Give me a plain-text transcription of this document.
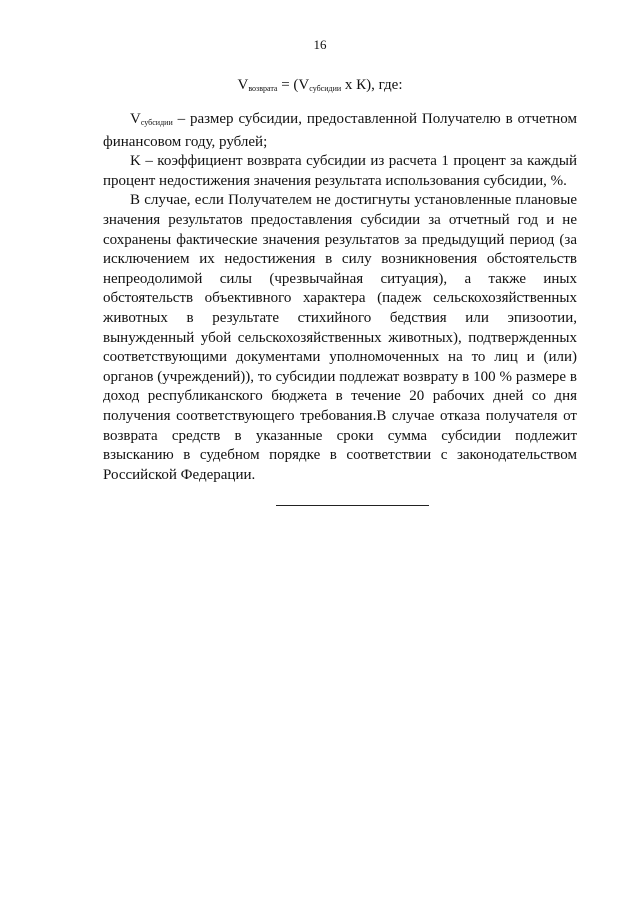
16
$V_{возврата} = (V_{субсидии}$ х К), где:

$V_{субсидии}$ – размер субсидии, предоставленной Получателю в отчетном финансовом году, рублей;

K – коэффициент возврата субсидии из расчета 1 процент за каждый процент недостижения значения результата использования субсидии, %.

В случае, если Получателем не достигнуты установленные плановые значения результатов предоставления субсидии за отчетный год и не сохранены фактические значения результатов за предыдущий период (за исключением их недостижения в силу возникновения обстоятельств непреодолимой силы (чрезвычайная ситуация), а также иных обстоятельств объективного характера (падеж сельскохозяйственных животных в результате стихийного бедствия или эпизоотии, вынужденный убой сельскохозяйственных животных), подтвержденных соответствующими документами уполномоченных на то лиц и (или) органов (учреждений)), то субсидии подлежат возврату в 100 % размере в доход республиканского бюджета в течение 20 рабочих дней со дня получения соответствующего требования.В случае отказа получателя от возврата средств в указанные сроки сумма субсидии подлежит взысканию в судебном порядке в соответствии с законодательством Российской Федерации.
